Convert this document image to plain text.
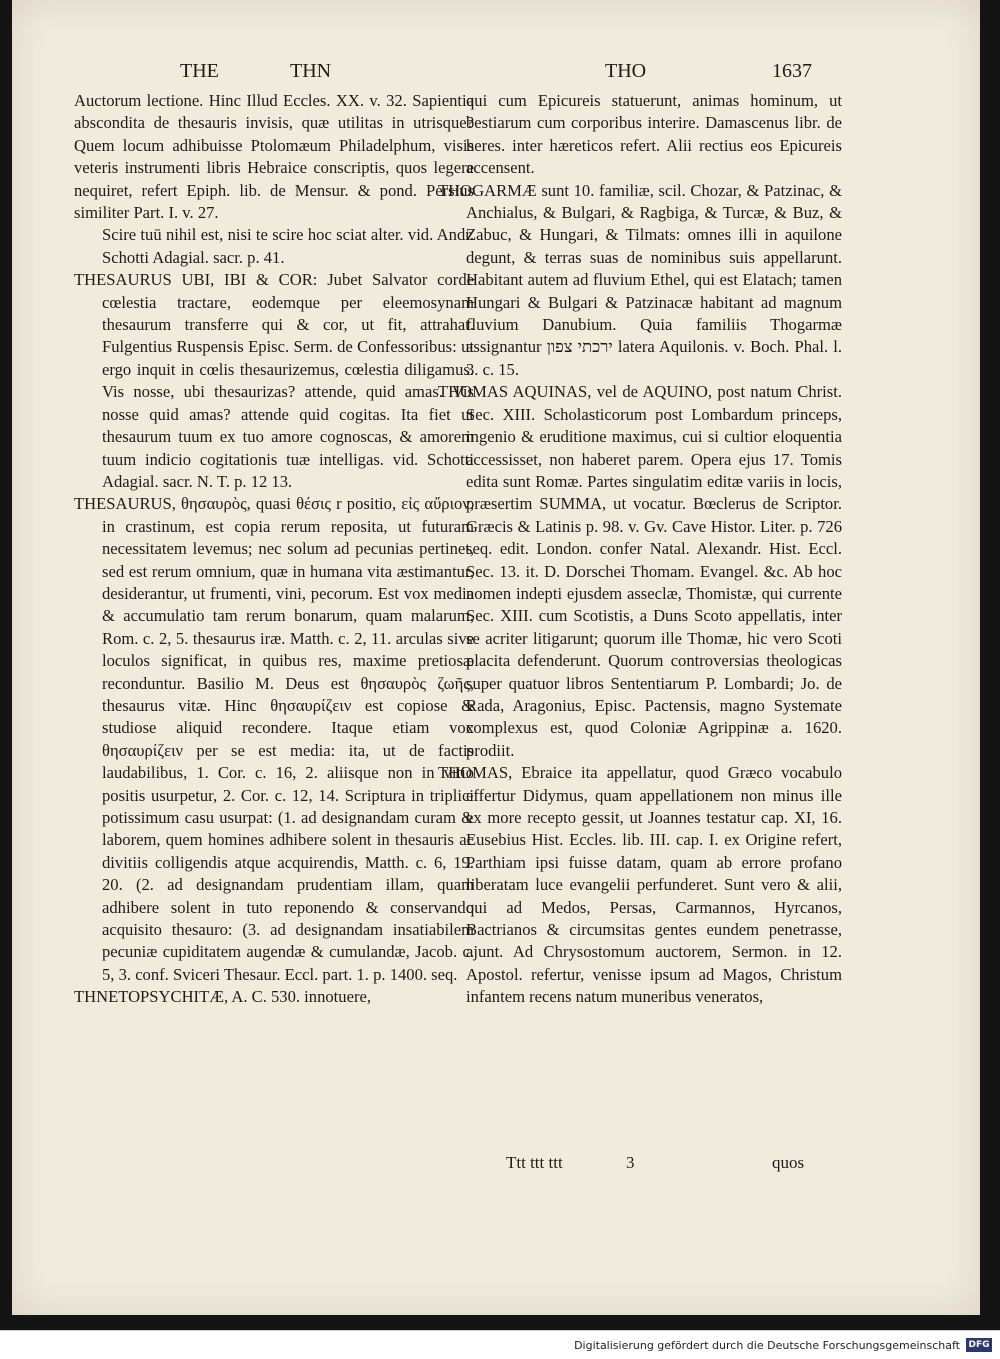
THE	THN	THO	1637

Auctorum lectione. Hinc Illud Eccles. XX. v. 32. Sapientia abscondita de thesauris invisis, quæ utilitas in utrisque? Quem locum adhibuisse Ptolomæum Philadelphum, visis veteris instrumenti libris Hebraice conscriptis, quos legere nequiret, refert Epiph. lib. de Mensur. & pond. Persius similiter Part. I. v. 27.

Scire tuū nihil est, nisi te scire hoc sciat alter. vid. Andr. Schotti Adagial. sacr. p. 41.

THESAURUS UBI, IBI & COR: Jubet Salvator corde cœlestia tractare, eodemque per eleemosynam thesaurum transferre qui & cor, ut fit, attrahat. Fulgentius Ruspensis Episc. Serm. de Confessoribus: ut ergo inquit in cœlis thesaurizemus, cœlestia diligamus. Vis nosse, ubi thesaurizas? attende, quid amas. Vis nosse quid amas? attende quid cogitas. Ita fiet ut thesaurum tuum ex tuo amore cognoscas, & amorem tuum indicio cogitationis tuæ intelligas. vid. Schotti Adagial. sacr. N. T. p. 12 13.

THESAURUS, θησαυρὸς, quasi θέσις r positio, εἰς αὔριον, in crastinum, est copia rerum reposita, ut futuram necessitatem levemus; nec solum ad pecunias pertinet, sed est rerum omnium, quæ in humana vita æstimantur, desiderantur, ut frumenti, vini, pecorum. Est vox media & accumulatio tam rerum bonarum, quam malarum, Rom. c. 2, 5. thesaurus iræ. Matth. c. 2, 11. arculas sive loculos significat, in quibus res, maxime pretiosæ reconduntur. Basilio M. Deus est θησαυρὸς ζωῆς, thesaurus vitæ. Hinc θησαυρίζειν est copiose & studiose aliquid recondere. Itaque etiam vox θησαυρίζειν per se est media: ita, ut de factis laudabilibus, 1. Cor. c. 16, 2. aliisque non in vitio positis usurpetur, 2. Cor. c. 12, 14. Scriptura in triplici potissimum casu usurpat: (1. ad designandam curam & laborem, quem homines adhibere solent in thesauris ac divitiis colligendis atque acquirendis, Matth. c. 6, 19. 20. (2. ad designandam prudentiam illam, quam adhibere solent in tuto reponendo & conservando acquisito thesauro: (3. ad designandam insatiabilem pecuniæ cupiditatem augendæ & cumulandæ, Jacob. c. 5, 3. conf. Sviceri Thesaur. Eccl. part. 1. p. 1400. seq.

THNETOPSYCHITÆ, A. C. 530. innotuere,

qui cum Epicureis statuerunt, animas hominum, ut bestiarum cum corporibus interire. Damascenus libr. de heres. inter hæreticos refert. Alii rectius eos Epicureis accensent.

THOGARMÆ sunt 10. familiæ, scil. Chozar, & Patzinac, & Anchialus, & Bulgari, & Ragbiga, & Turcæ, & Buz, & Zabuc, & Hungari, & Tilmats: omnes illi in aquilone degunt, & terras suas de nominibus suis appellarunt. Habitant autem ad fluvium Ethel, qui est Elatach; tamen Hungari & Bulgari & Patzinacæ habitant ad magnum fluvium Danubium. Quia familiis Thogarmæ assignantur ירכתי צפון latera Aquilonis. v. Boch. Phal. l. 3. c. 15.

THOMAS AQUINAS, vel de AQUINO, post natum Christ. Sec. XIII. Scholasticorum post Lombardum princeps, ingenio & eruditione maximus, cui si cultior eloquentia accessisset, non haberet parem. Opera ejus 17. Tomis edita sunt Romæ. Partes singulatim editæ variis in locis, præsertim SUMMA, ut vocatur. Bœclerus de Scriptor. Græcis & Latinis p. 98. v. Gv. Cave Histor. Liter. p. 726 seq. edit. London. confer Natal. Alexandr. Hist. Eccl. Sec. 13. it. D. Dorschei Thomam. Evangel. &c. Ab hoc nomen indepti ejusdem asseclæ, Thomistæ, qui currente Sec. XIII. cum Scotistis, a Duns Scoto appellatis, inter se acriter litigarunt; quorum ille Thomæ, hic vero Scoti placita defenderunt. Quorum controversias theologicas super quatuor libros Sententiarum P. Lombardi; Jo. de Rada, Aragonius, Episc. Pactensis, magno Systemate complexus est, quod Coloniæ Agrippinæ a. 1620. prodiit.

THOMAS, Ebraice ita appellatur, quod Græco vocabulo effertur Didymus, quam appellationem non minus ille ex more recepto gessit, ut Joannes testatur cap. XI, 16. Eusebius Hist. Eccles. lib. III. cap. I. ex Origine refert, Parthiam ipsi fuisse datam, quam ab errore profano liberatam luce evangelii perfunderet. Sunt vero & alii, qui ad Medos, Persas, Carmannos, Hyrcanos, Bactrianos & circumsitas gentes eundem penetrasse, ajunt. Ad Chrysostomum auctorem, Sermon. in 12. Apostol. refertur, venisse ipsum ad Magos, Christum infantem recens natum muneribus veneratos,

Ttt ttt ttt	3	quos
Digitalisierung gefördert durch die Deutsche Forschungsgemeinschaft DFG
